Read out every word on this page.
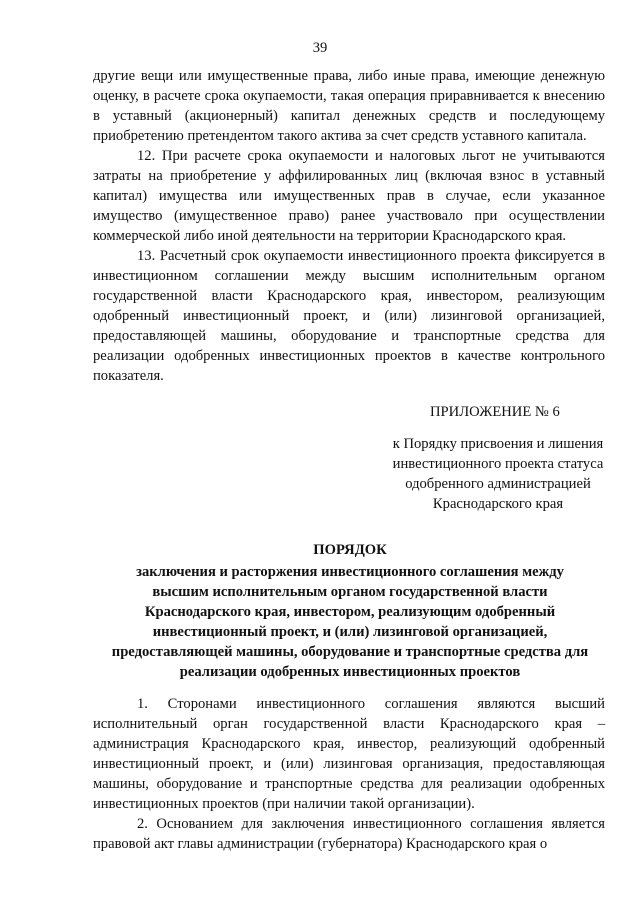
39

другие вещи или имущественные права, либо иные права, имеющие денежную оценку, в расчете срока окупаемости, такая операция приравнивается к внесению в уставный (акционерный) капитал денежных средств и последующему приобретению претендентом такого актива за счет средств уставного капитала.

12. При расчете срока окупаемости и налоговых льгот не учитываются затраты на приобретение у аффилированных лиц (включая взнос в уставный капитал) имущества или имущественных прав в случае, если указанное имущество (имущественное право) ранее участвовало при осуществлении коммерческой либо иной деятельности на территории Краснодарского края.

13. Расчетный срок окупаемости инвестиционного проекта фиксируется в инвестиционном соглашении между высшим исполнительным органом государственной власти Краснодарского края, инвестором, реализующим одобренный инвестиционный проект, и (или) лизинговой организацией, предоставляющей машины, оборудование и транспортные средства для реализации одобренных инвестиционных проектов в качестве контрольного показателя.

ПРИЛОЖЕНИЕ № 6
к Порядку присвоения и лишения
инвестиционного проекта статуса
одобренного администрацией
Краснодарского края
ПОРЯДОК
заключения и расторжения инвестиционного соглашения между
высшим исполнительным органом государственной власти
Краснодарского края, инвестором, реализующим одобренный
инвестиционный проект, и (или) лизинговой организацией,
предоставляющей машины, оборудование и транспортные средства для
реализации одобренных инвестиционных проектов

1. Сторонами инвестиционного соглашения являются высший исполнительный орган государственной власти Краснодарского края – администрация Краснодарского края, инвестор, реализующий одобренный инвестиционный проект, и (или) лизинговая организация, предоставляющая машины, оборудование и транспортные средства для реализации одобренных инвестиционных проектов (при наличии такой организации).

2. Основанием для заключения инвестиционного соглашения является правовой акт главы администрации (губернатора) Краснодарского края о
